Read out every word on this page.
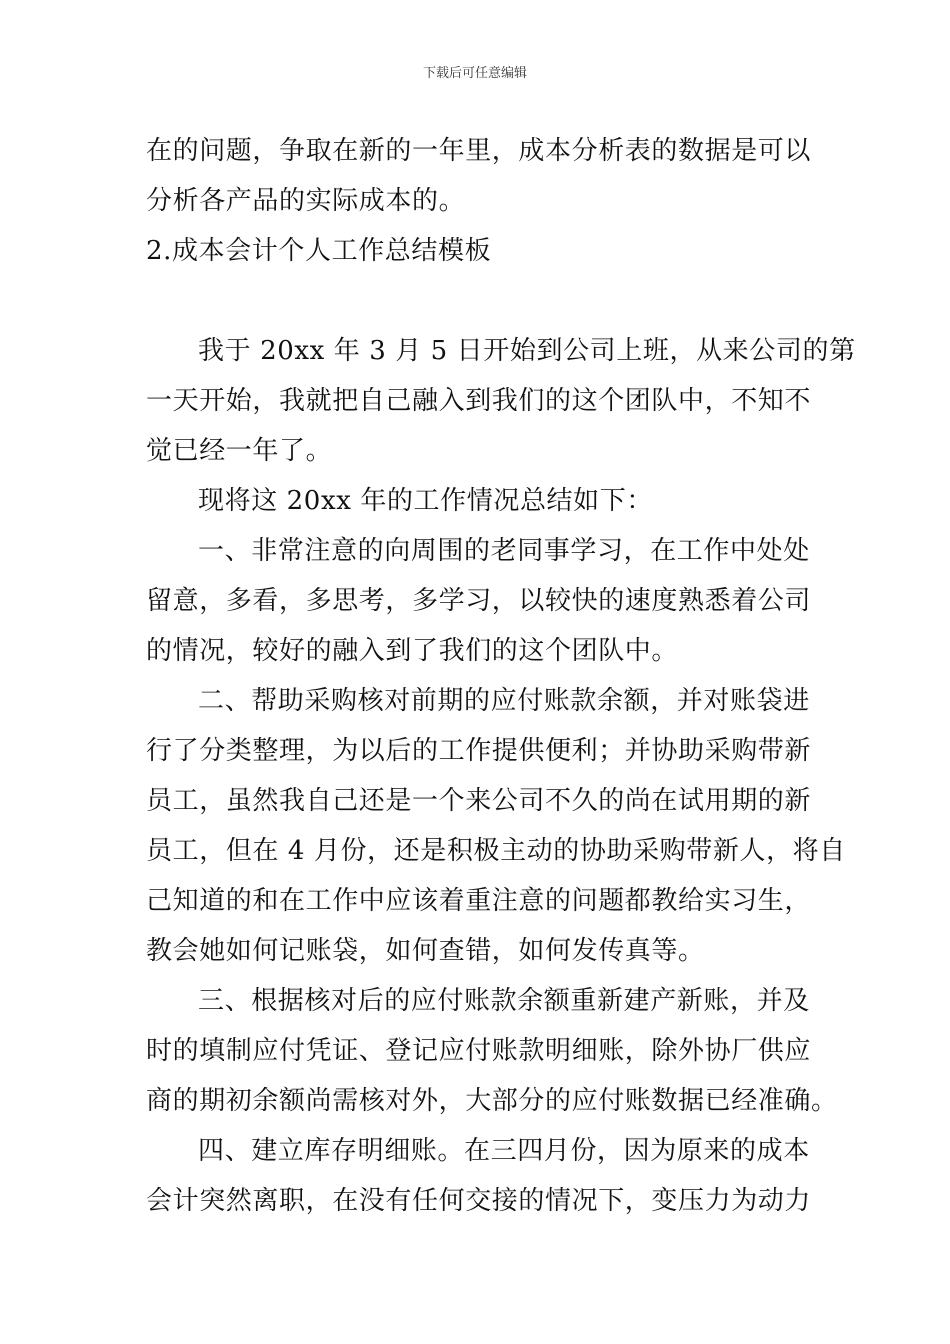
下载后可任意编辑
在的问题，争取在新的一年里，成本分析表的数据是可以
分析各产品的实际成本的。
2.成本会计个人工作总结模板
我于 20xx 年 3 月 5 日开始到公司上班，从来公司的第
一天开始，我就把自己融入到我们的这个团队中，不知不
觉已经一年了。
现将这 20xx 年的工作情况总结如下：
一、非常注意的向周围的老同事学习，在工作中处处
留意，多看，多思考，多学习，以较快的速度熟悉着公司
的情况，较好的融入到了我们的这个团队中。
二、帮助采购核对前期的应付账款余额，并对账袋进
行了分类整理，为以后的工作提供便利；并协助采购带新
员工，虽然我自己还是一个来公司不久的尚在试用期的新
员工，但在 4 月份，还是积极主动的协助采购带新人，将自
己知道的和在工作中应该着重注意的问题都教给实习生，
教会她如何记账袋，如何查错，如何发传真等。
三、根据核对后的应付账款余额重新建产新账，并及
时的填制应付凭证、登记应付账款明细账，除外协厂供应
商的期初余额尚需核对外，大部分的应付账数据已经准确。
四、建立库存明细账。在三四月份，因为原来的成本
会计突然离职，在没有任何交接的情况下，变压力为动力
